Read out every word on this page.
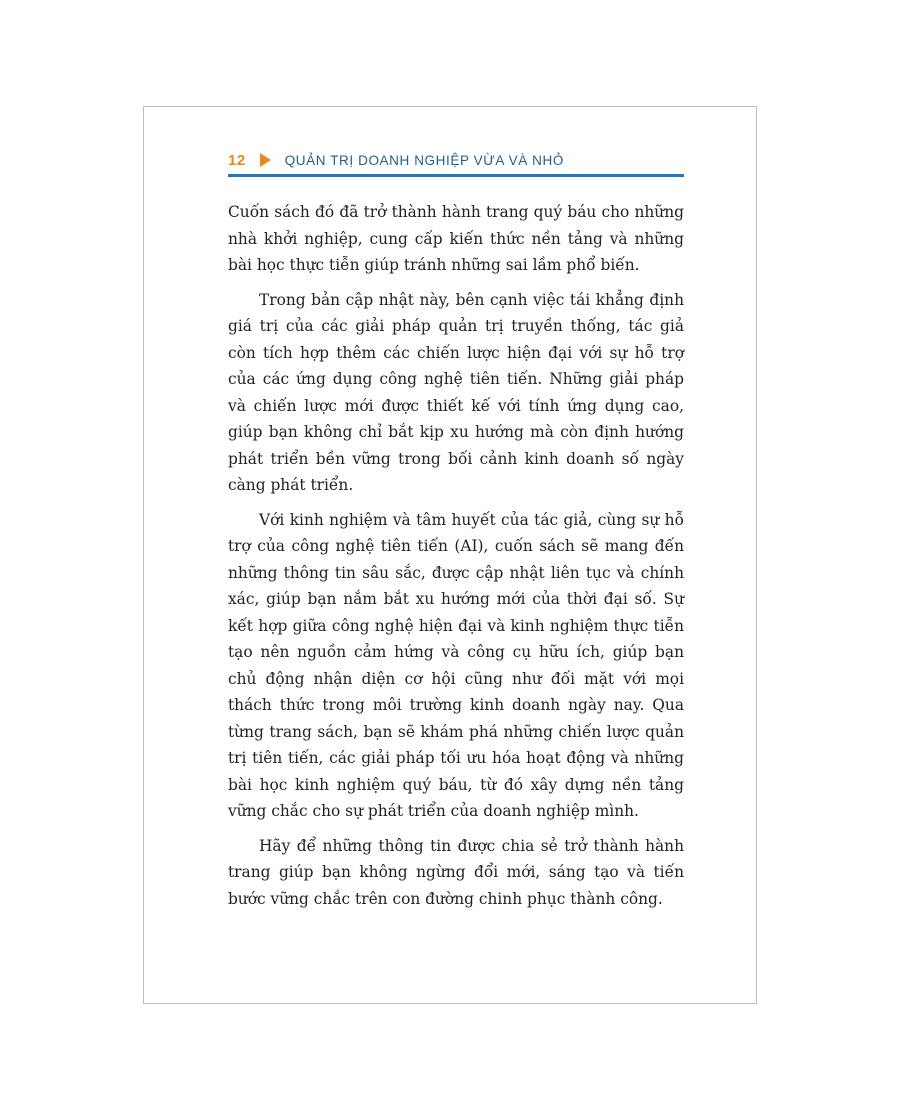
12	QUẢN TRỊ DOANH NGHIỆP VỪA VÀ NHỎ

Cuốn sách đó đã trở thành hành trang quý báu cho những nhà khởi nghiệp, cung cấp kiến thức nền tảng và những bài học thực tiễn giúp tránh những sai lầm phổ biến.

Trong bản cập nhật này, bên cạnh việc tái khẳng định giá trị của các giải pháp quản trị truyền thống, tác giả còn tích hợp thêm các chiến lược hiện đại với sự hỗ trợ của các ứng dụng công nghệ tiên tiến. Những giải pháp và chiến lược mới được thiết kế với tính ứng dụng cao, giúp bạn không chỉ bắt kịp xu hướng mà còn định hướng phát triển bền vững trong bối cảnh kinh doanh số ngày càng phát triển.

Với kinh nghiệm và tâm huyết của tác giả, cùng sự hỗ trợ của công nghệ tiên tiến (AI), cuốn sách sẽ mang đến những thông tin sâu sắc, được cập nhật liên tục và chính xác, giúp bạn nắm bắt xu hướng mới của thời đại số. Sự kết hợp giữa công nghệ hiện đại và kinh nghiệm thực tiễn tạo nên nguồn cảm hứng và công cụ hữu ích, giúp bạn chủ động nhận diện cơ hội cũng như đối mặt với mọi thách thức trong môi trường kinh doanh ngày nay. Qua từng trang sách, bạn sẽ khám phá những chiến lược quản trị tiên tiến, các giải pháp tối ưu hóa hoạt động và những bài học kinh nghiệm quý báu, từ đó xây dựng nền tảng vững chắc cho sự phát triển của doanh nghiệp mình.

Hãy để những thông tin được chia sẻ trở thành hành trang giúp bạn không ngừng đổi mới, sáng tạo và tiến bước vững chắc trên con đường chinh phục thành công.
